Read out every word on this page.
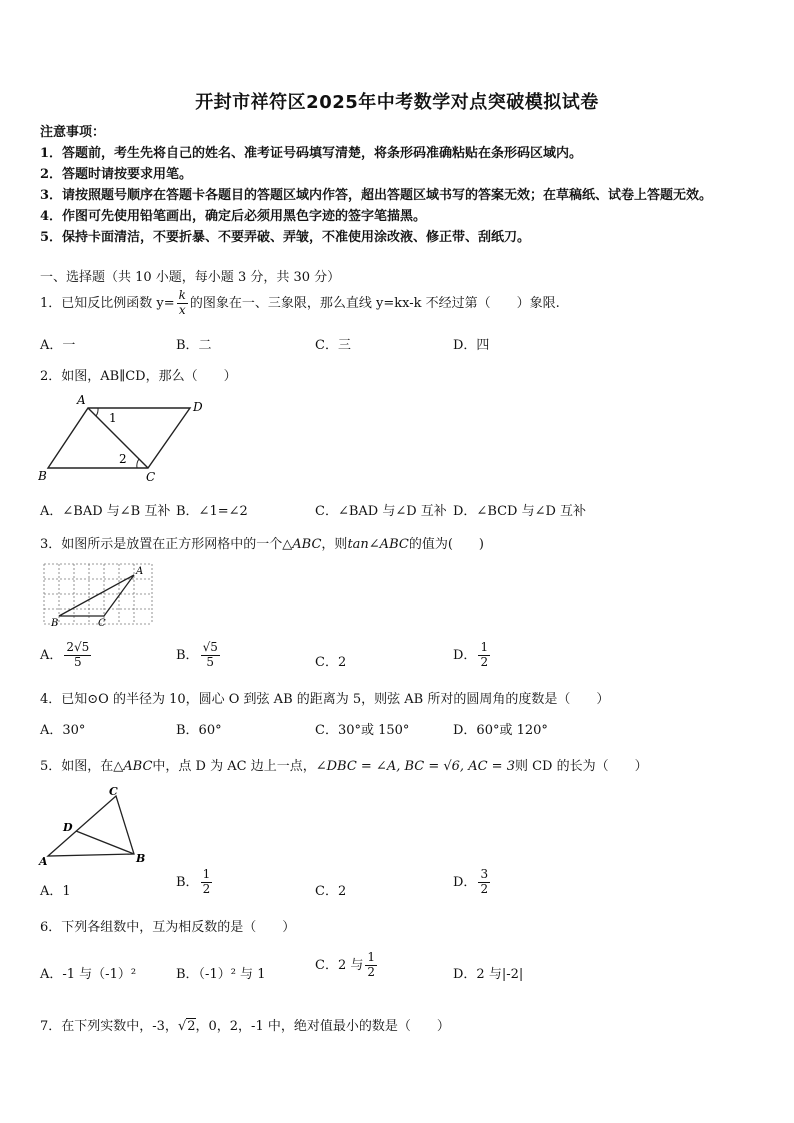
开封市祥符区2025年中考数学对点突破模拟试卷
注意事项：
1．答题前，考生先将自己的姓名、准考证号码填写清楚，将条形码准确粘贴在条形码区域内。
2．答题时请按要求用笔。
3．请按照题号顺序在答题卡各题目的答题区域内作答，超出答题区域书写的答案无效；在草稿纸、试卷上答题无效。
4．作图可先使用铅笔画出，确定后必须用黑色字迹的签字笔描黑。
5．保持卡面清洁，不要折暴、不要弄破、弄皱，不准使用涂改液、修正带、刮纸刀。
一、选择题（共 10 小题，每小题 3 分，共 30 分）
1．已知反比例函数 $y= \frac{k}{x}$ 的图象在一、三象限，那么直线 y=kx-k 不经过第（　　）象限.
A．一	B．二	C．三	D．四
2．如图，AB∥CD，那么（　　）
A	D
B	C
1
2
A．∠BAD 与∠B 互补 B．∠1=∠2	C．∠BAD 与∠D 互补 D．∠BCD 与∠D 互补
3．如图所示是放置在正方形网格中的一个△ABC，则tan∠ABC的值为(　　)
A
B	C
A． $\frac{2√5}{5}$	B． $\frac{√5}{5}$	C．2	D． $\frac{1}{2}$
4．已知⊙O 的半径为 10，圆心 O 到弦 AB 的距离为 5，则弦 AB 所对的圆周角的度数是（　　）
A．30°	B．60°	C．30°或 150°	D．60°或 120°
5．如图，在△ABC中，点 D 为 AC 边上一点，∠DBC = ∠A, BC = √6, AC = 3则 CD 的长为（　　）
C
D
A	B
A．1
B． $\frac{1}{2}$	C．2
D． $\frac{3}{2}$
6．下列各组数中，互为相反数的是（　　）
A．-1 与（-1）²	B．（-1）² 与 1
C．2 与 $\frac{1}{2}$	D．2 与|-2|
7．在下列实数中，-3，√2，0，2，-1 中，绝对值最小的数是（　　）
